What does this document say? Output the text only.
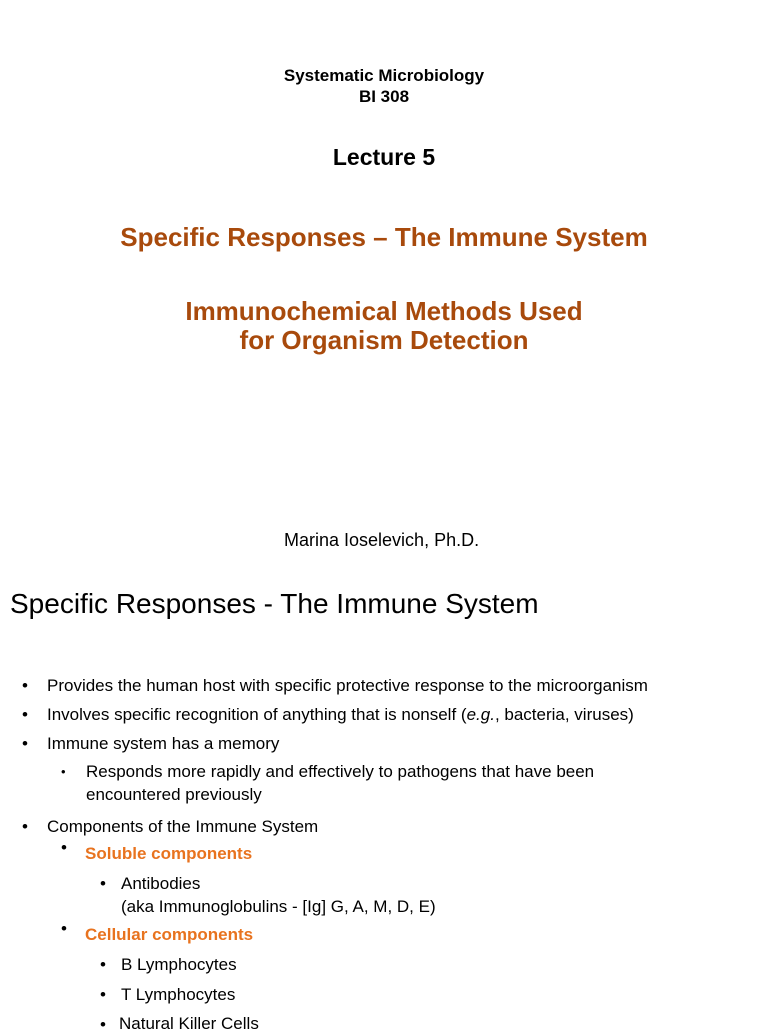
Systematic Microbiology
BI 308
Lecture 5
Specific Responses – The Immune System
Immunochemical Methods Used
for Organism Detection
Marina Ioselevich, Ph.D.
Specific Responses - The Immune System
• Provides the human host with specific protective response to the microorganism
• Involves specific recognition of anything that is nonself (e.g., bacteria, viruses)
• Immune system has a memory
• Responds more rapidly and effectively to pathogens that have been
encountered previously
• Components of the Immune System
• Soluble components
• Antibodies
(aka Immunoglobulins - [Ig] G, A, M, D, E)
• Cellular components
• B Lymphocytes
• T Lymphocytes
• Natural Killer Cells
